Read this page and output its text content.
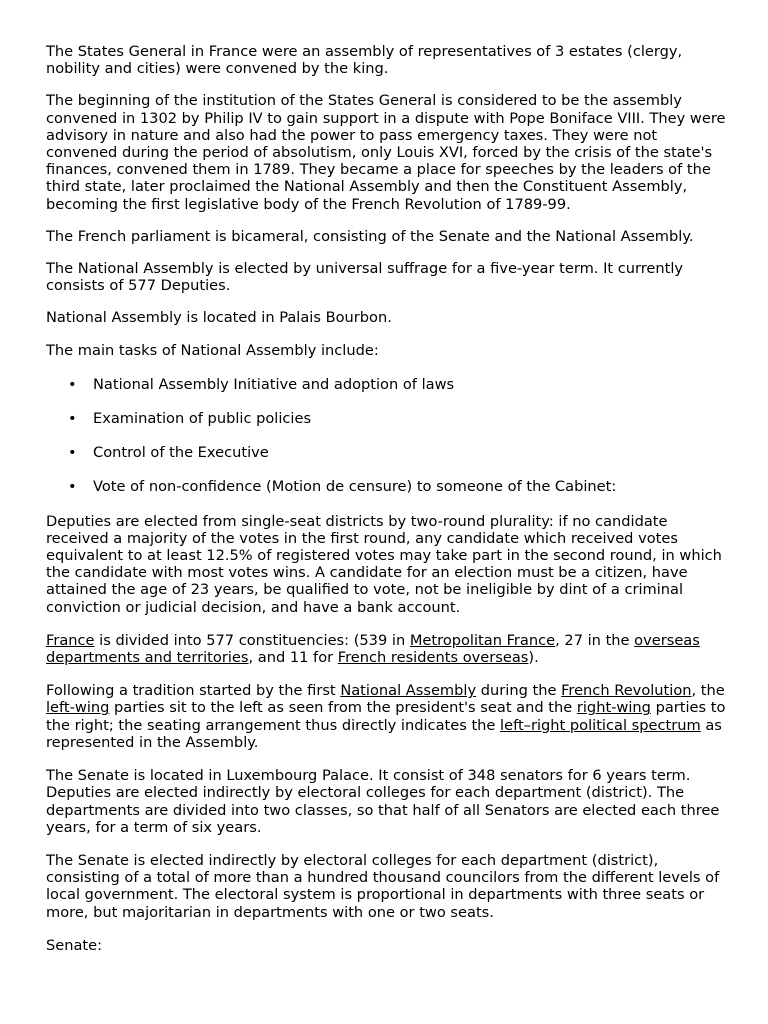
The States General in France were an assembly of representatives of 3 estates (clergy, nobility and cities) were convened by the king.

The beginning of the institution of the States General is considered to be the assembly convened in 1302 by Philip IV to gain support in a dispute with Pope Boniface VIII. They were advisory in nature and also had the power to pass emergency taxes. They were not convened during the period of absolutism, only Louis XVI, forced by the crisis of the state's finances, convened them in 1789. They became a place for speeches by the leaders of the third state, later proclaimed the National Assembly and then the Constituent Assembly, becoming the first legislative body of the French Revolution of 1789-99.

The French parliament is bicameral, consisting of the Senate and the National Assembly.

The National Assembly is elected by universal suffrage for a five-year term. It currently consists of 577 Deputies.

National Assembly is located in Palais Bourbon.

The main tasks of National Assembly include:

• National Assembly Initiative and adoption of laws
• Examination of public policies
• Control of the Executive
• Vote of non-confidence (Motion de censure) to someone of the Cabinet:

Deputies are elected from single-seat districts by two-round plurality: if no candidate received a majority of the votes in the first round, any candidate which received votes equivalent to at least 12.5% of registered votes may take part in the second round, in which the candidate with most votes wins. A candidate for an election must be a citizen, have attained the age of 23 years, be qualified to vote, not be ineligible by dint of a criminal conviction or judicial decision, and have a bank account.

France is divided into 577 constituencies: (539 in Metropolitan France, 27 in the overseas departments and territories, and 11 for French residents overseas).

Following a tradition started by the first National Assembly during the French Revolution, the left-wing parties sit to the left as seen from the president's seat and the right-wing parties to the right; the seating arrangement thus directly indicates the left–right political spectrum as represented in the Assembly.

The Senate is located in Luxembourg Palace. It consist of 348 senators for 6 years term. Deputies are elected indirectly by electoral colleges for each department (district). The departments are divided into two classes, so that half of all Senators are elected each three years, for a term of six years.

The Senate is elected indirectly by electoral colleges for each department (district), consisting of a total of more than a hundred thousand councilors from the different levels of local government. The electoral system is proportional in departments with three seats or more, but majoritarian in departments with one or two seats.

Senate:
